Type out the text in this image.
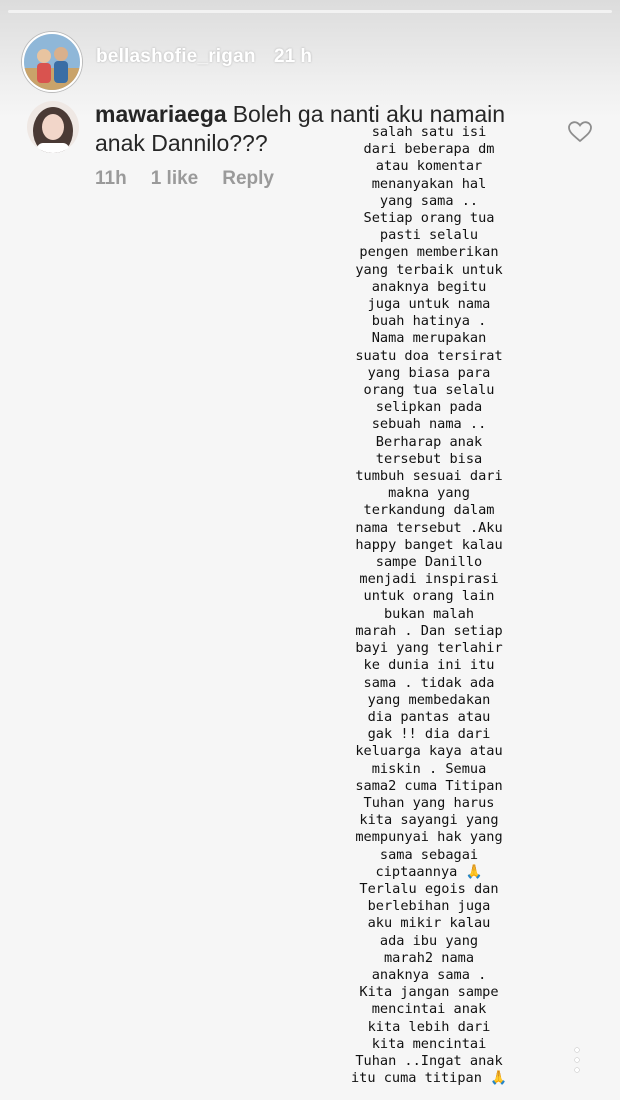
bellashofie_rigan 21 h
mawariaega Boleh ga nanti aku namain anak Dannilo???
11h 1 like Reply
salah satu isi
dari beberapa dm
atau komentar
menanyakan hal
yang sama ..
Setiap orang tua
pasti selalu
pengen memberikan
yang terbaik untuk
anaknya begitu
juga untuk nama
buah hatinya .
Nama merupakan
suatu doa tersirat
yang biasa para
orang tua selalu
selipkan pada
sebuah nama ..
Berharap anak
tersebut bisa
tumbuh sesuai dari
makna yang
terkandung dalam
nama tersebut .Aku
happy banget kalau
sampe Danillo
menjadi inspirasi
untuk orang lain
bukan malah
marah . Dan setiap
bayi yang terlahir
ke dunia ini itu
sama . tidak ada
yang membedakan
dia pantas atau
gak !! dia dari
keluarga kaya atau
miskin . Semua
sama2 cuma Titipan
Tuhan yang harus
kita sayangi yang
mempunyai hak yang
sama sebagai
ciptaannya 🙏
Terlalu egois dan
berlebihan juga
aku mikir kalau
ada ibu yang
marah2 nama
anaknya sama .
Kita jangan sampe
mencintai anak
kita lebih dari
kita mencintai
Tuhan ..Ingat anak
itu cuma titipan 🙏
